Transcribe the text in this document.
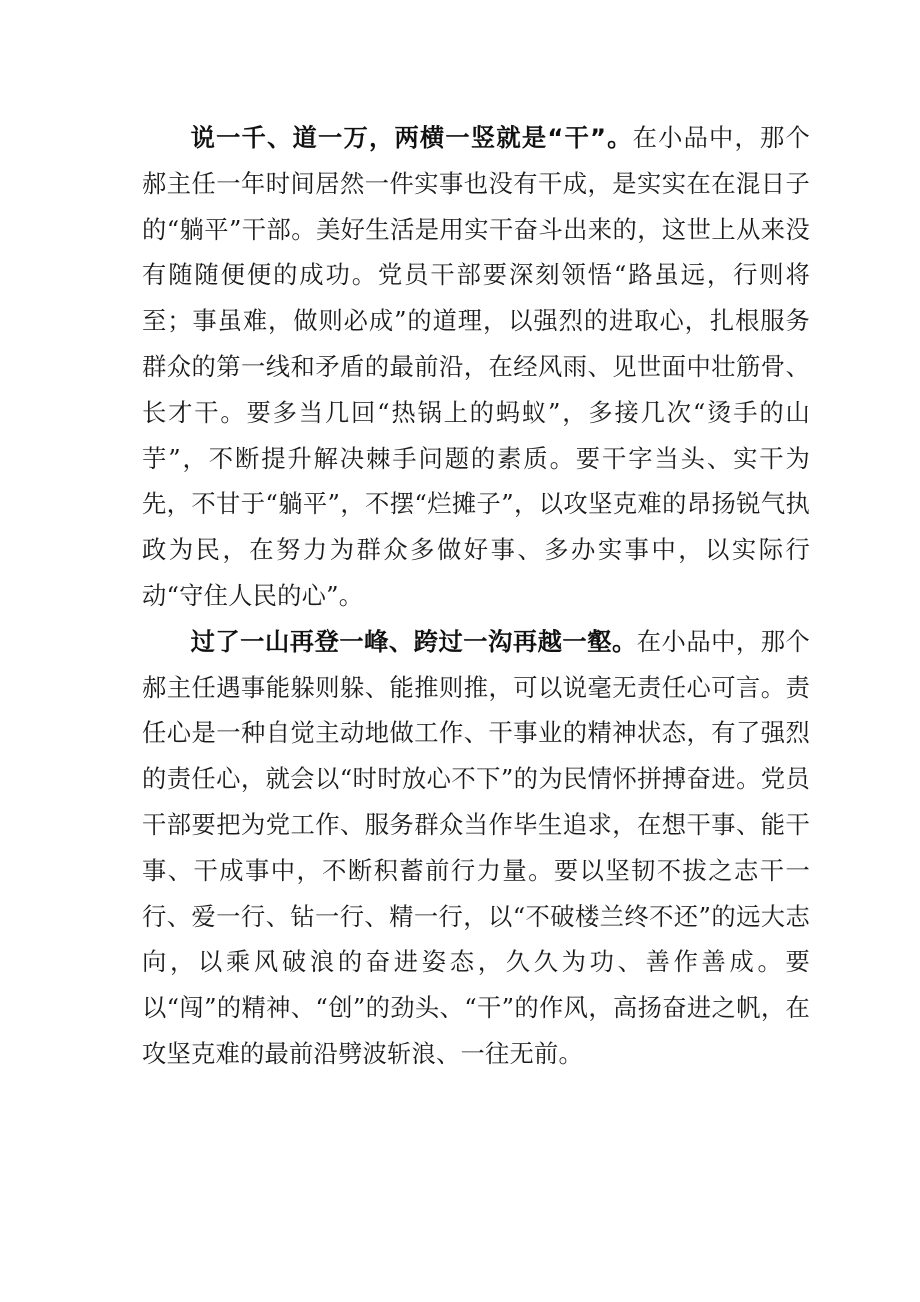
说一千、道一万，两横一竖就是“干”。在小品中，那个郝主任一年时间居然一件实事也没有干成，是实实在在混日子的“躺平”干部。美好生活是用实干奋斗出来的，这世上从来没有随随便便的成功。党员干部要深刻领悟“路虽远，行则将至；事虽难，做则必成”的道理，以强烈的进取心，扎根服务群众的第一线和矛盾的最前沿，在经风雨、见世面中壮筋骨、长才干。要多当几回“热锅上的蚂蚁”，多接几次“烫手的山芋”，不断提升解决棘手问题的素质。要干字当头、实干为先，不甘于“躺平”，不摆“烂摊子”，以攻坚克难的昂扬锐气执政为民，在努力为群众多做好事、多办实事中，以实际行动“守住人民的心”。

过了一山再登一峰、跨过一沟再越一壑。在小品中，那个郝主任遇事能躲则躲、能推则推，可以说毫无责任心可言。责任心是一种自觉主动地做工作、干事业的精神状态，有了强烈的责任心，就会以“时时放心不下”的为民情怀拼搏奋进。党员干部要把为党工作、服务群众当作毕生追求，在想干事、能干事、干成事中，不断积蓄前行力量。要以坚韧不拔之志干一行、爱一行、钻一行、精一行，以“不破楼兰终不还”的远大志向，以乘风破浪的奋进姿态，久久为功、善作善成。要以“闯”的精神、“创”的劲头、“干”的作风，高扬奋进之帆，在攻坚克难的最前沿劈波斩浪、一往无前。
